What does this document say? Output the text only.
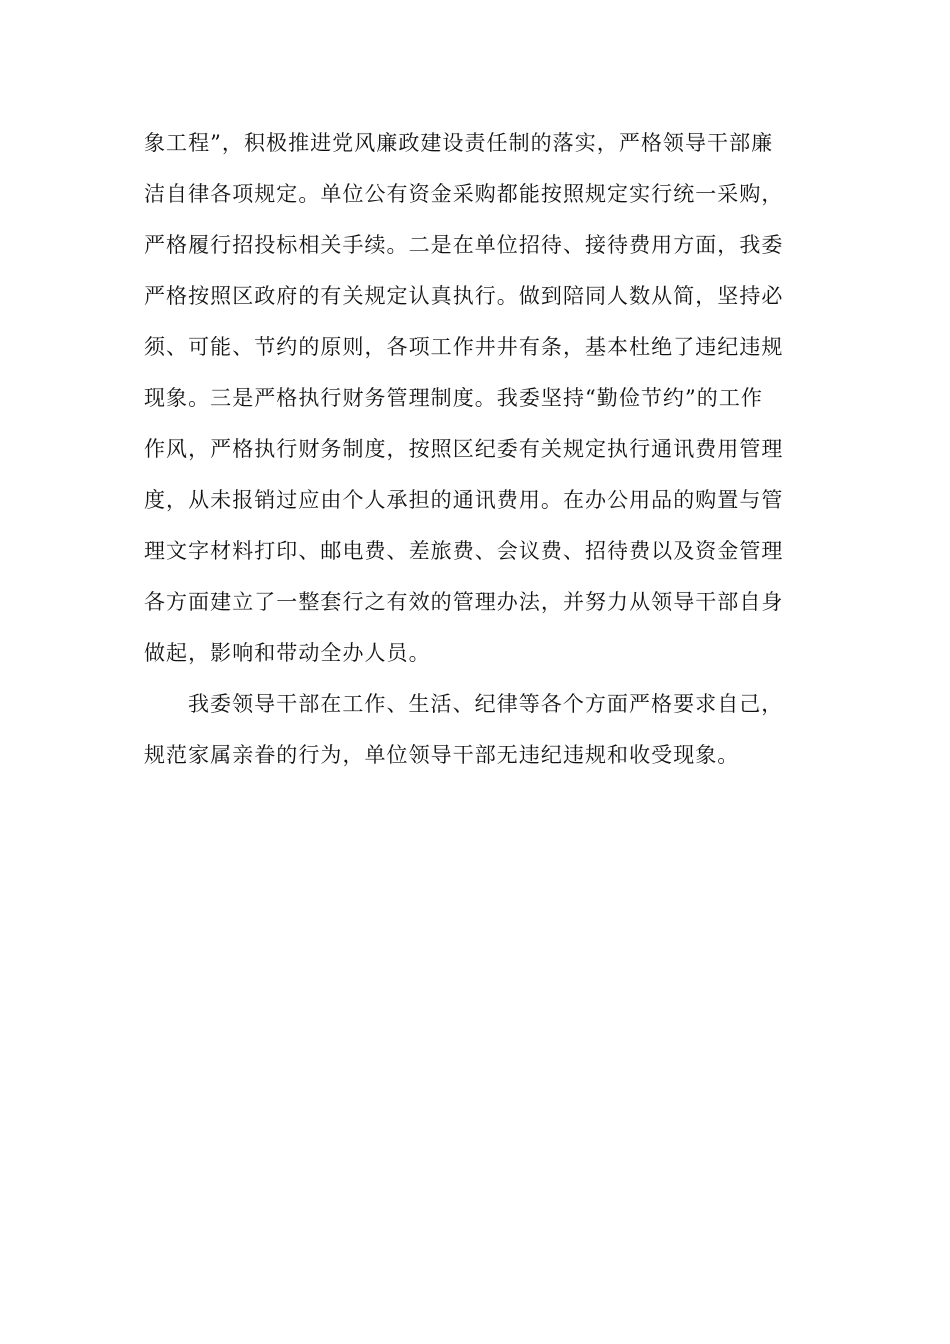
象工程”，积极推进党风廉政建设责任制的落实，严格领导干部廉
洁自律各项规定。单位公有资金采购都能按照规定实行统一采购，
严格履行招投标相关手续。二是在单位招待、接待费用方面，我委
严格按照区政府的有关规定认真执行。做到陪同人数从简，坚持必
须、可能、节约的原则，各项工作井井有条，基本杜绝了违纪违规
现象。三是严格执行财务管理制度。我委坚持“勤俭节约”的工作
作风，严格执行财务制度，按照区纪委有关规定执行通讯费用管理
度，从未报销过应由个人承担的通讯费用。在办公用品的购置与管
理文字材料打印、邮电费、差旅费、会议费、招待费以及资金管理
各方面建立了一整套行之有效的管理办法，并努力从领导干部自身
做起，影响和带动全办人员。
我委领导干部在工作、生活、纪律等各个方面严格要求自己，
规范家属亲眷的行为，单位领导干部无违纪违规和收受现象。
